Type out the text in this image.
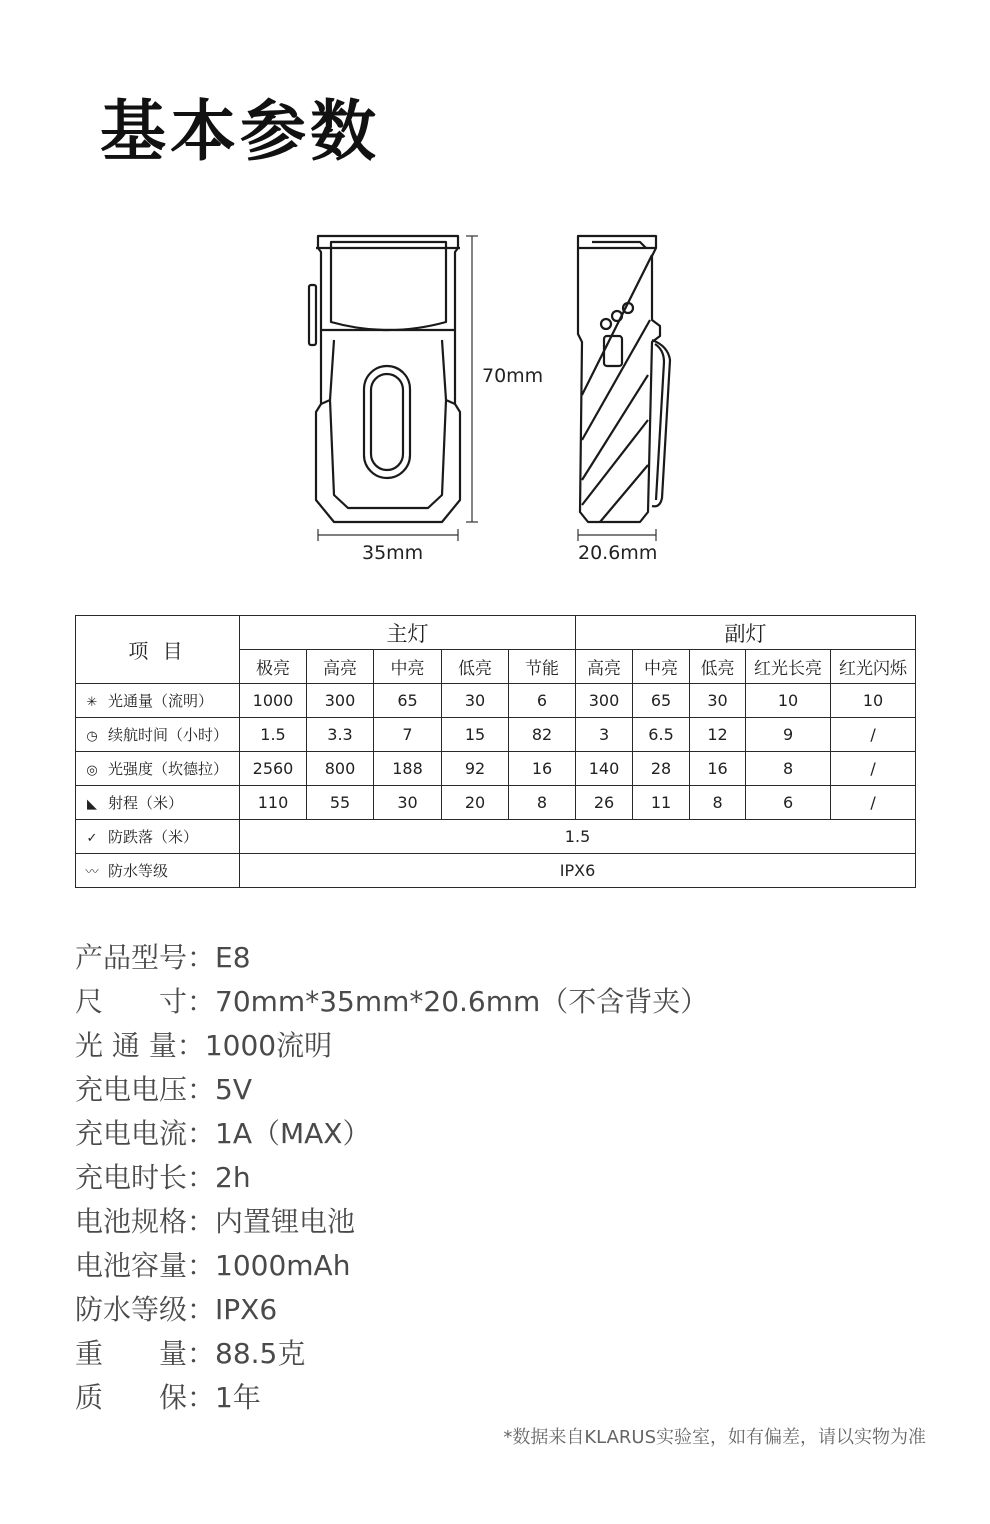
基本参数
70mm
35mm	20.6mm
项 目	主灯					副灯				
	极亮	高亮	中亮	低亮	节能	高亮	中亮	低亮	红光长亮	红光闪烁
✳ 光通量（流明）	1000	300	65	30	6	300	65	30	10	10
◷ 续航时间（小时）	1.5	3.3	7	15	82	3	6.5	12	9	/
◎ 光强度（坎德拉）	2560	800	188	92	16	140	28	16	8	/
◣ 射程（米）	110	55	30	20	8	26	11	8	6	/
✓ 防跌落（米）	1.5									
〰 防水等级	IPX6									
产品型号：E8
尺　　寸：70mm*35mm*20.6mm（不含背夹）
光 通 量：1000流明
充电电压：5V
充电电流：1A（MAX）
充电时长：2h
电池规格：内置锂电池
电池容量：1000mAh
防水等级：IPX6
重　　量：88.5克
质　　保：1年
*数据来自KLARUS实验室，如有偏差，请以实物为准
